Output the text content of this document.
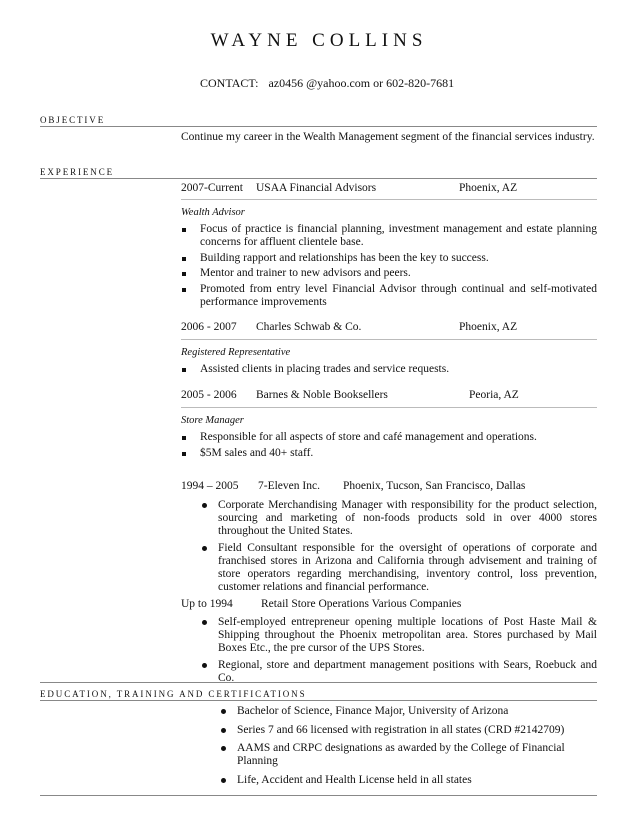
WAYNE COLLINS
CONTACT: az0456 @yahoo.com or 602-820-7681
OBJECTIVE
Continue my career in the Wealth Management segment of the financial services industry.
EXPERIENCE
2007-Current USAA Financial Advisors	Phoenix, AZ
Wealth Advisor
Focus of practice is financial planning, investment management and estate planning concerns for affluent clientele base.
Building rapport and relationships has been the key to success.
Mentor and trainer to new advisors and peers.
Promoted from entry level Financial Advisor through continual and self-motivated performance improvements
2006 - 2007 Charles Schwab & Co.	Phoenix, AZ
Registered Representative
Assisted clients in placing trades and service requests.
2005 - 2006 Barnes & Noble Booksellers	Peoria, AZ
Store Manager
Responsible for all aspects of store and café management and operations.
$5M sales and 40+ staff.
1994 – 2005 7-Eleven Inc. Phoenix, Tucson, San Francisco, Dallas
Corporate Merchandising Manager with responsibility for the product selection, sourcing and marketing of non-foods products sold in over 4000 stores throughout the United States.
Field Consultant responsible for the oversight of operations of corporate and franchised stores in Arizona and California through advisement and training of store operators regarding merchandising, inventory control, loss prevention, customer relations and financial performance.
Up to 1994 Retail Store Operations Various Companies
Self-employed entrepreneur opening multiple locations of Post Haste Mail & Shipping throughout the Phoenix metropolitan area. Stores purchased by Mail Boxes Etc., the pre cursor of the UPS Stores.
Regional, store and department management positions with Sears, Roebuck and Co.
EDUCATION, TRAINING AND CERTIFICATIONS
Bachelor of Science, Finance Major, University of Arizona
Series 7 and 66 licensed with registration in all states (CRD #2142709)
AAMS and CRPC designations as awarded by the College of Financial Planning
Life, Accident and Health License held in all states
